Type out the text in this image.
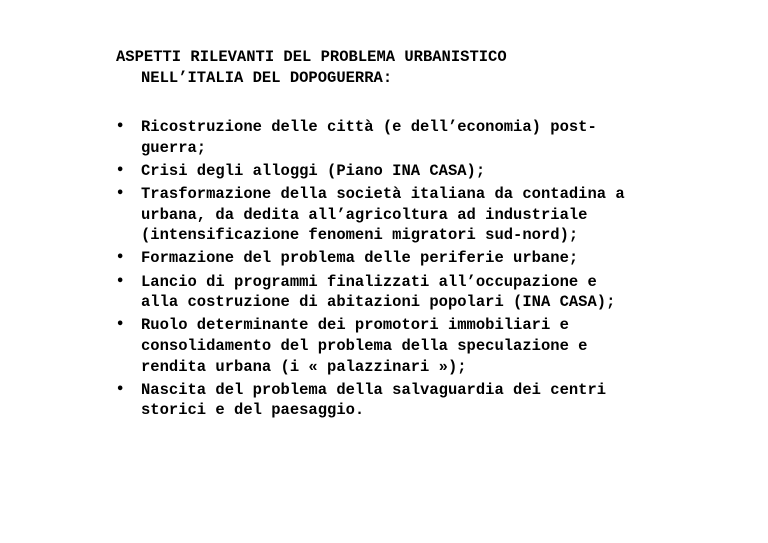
ASPETTI RILEVANTI DEL PROBLEMA URBANISTICO
NELL’ITALIA DEL DOPOGUERRA:
•	Ricostruzione delle città (e dell’economia) post-
guerra;
•	Crisi degli alloggi (Piano INA CASA);
•	Trasformazione della società italiana da contadina a
urbana, da dedita all’agricoltura ad industriale
(intensificazione fenomeni migratori sud-nord);
•	Formazione del problema delle periferie urbane;
•	Lancio di programmi finalizzati all’occupazione e
alla costruzione di abitazioni popolari (INA CASA);
•	Ruolo determinante dei promotori immobiliari e
consolidamento del problema della speculazione e
rendita urbana (i « palazzinari »);
•	Nascita del problema della salvaguardia dei centri
storici e del paesaggio.
